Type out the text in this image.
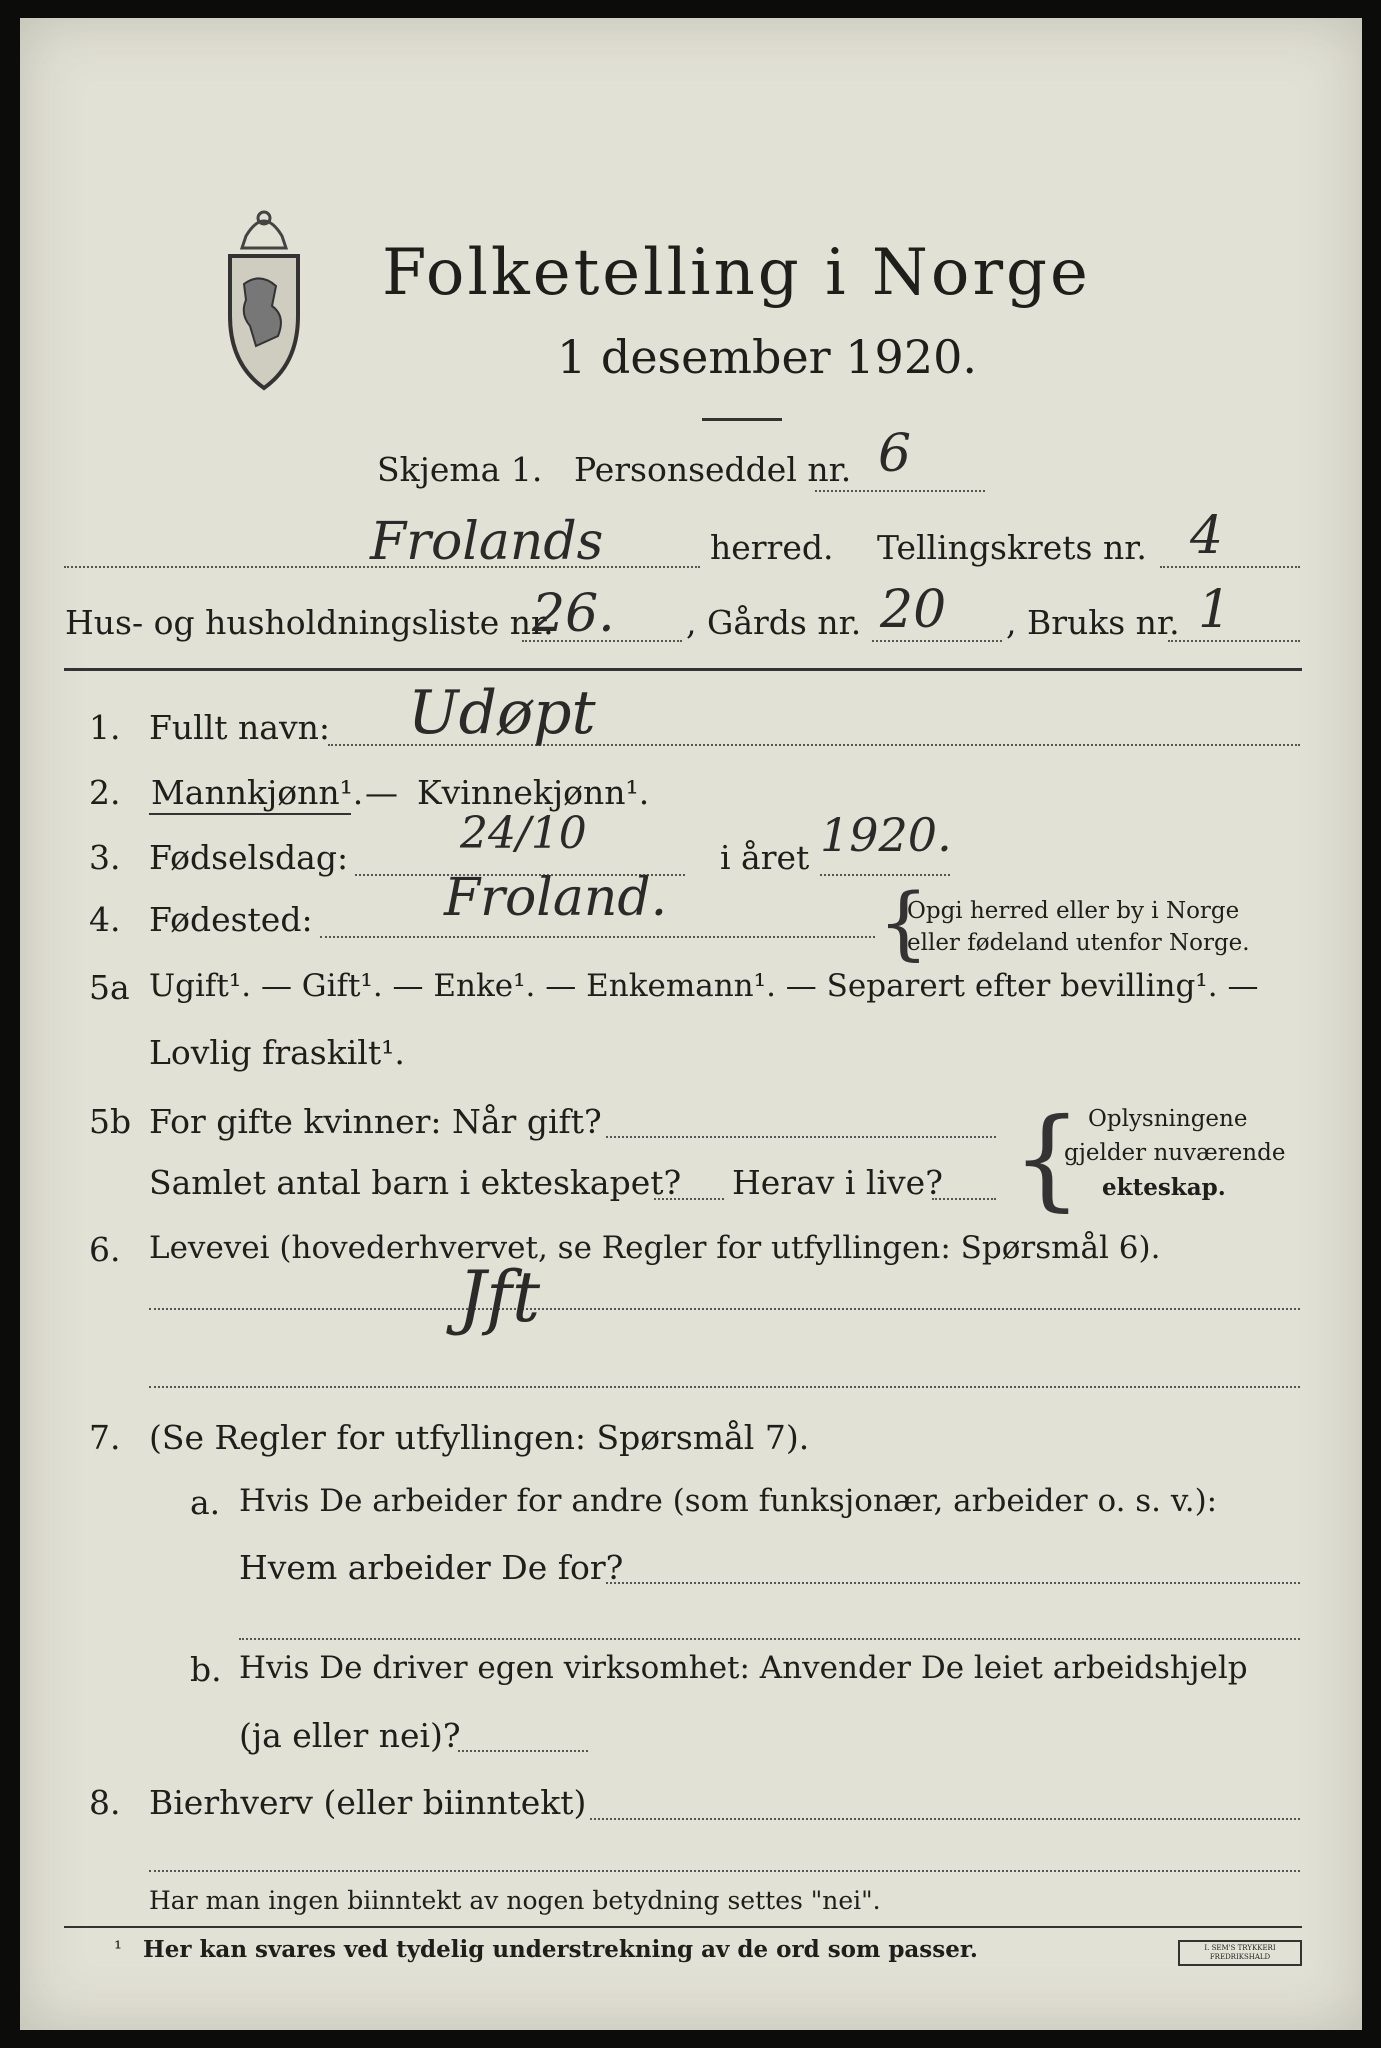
Folketelling i Norge
1 desember 1920.
Skjema 1. Personseddel nr. 6
Frolands	herred. Tellingskrets nr. 4
Hus- og husholdningsliste nr.
26. , Gårds nr. 20 , Bruks nr. 1
1. Fullt navn: Udøpt
2. Mannkjønn¹. — Kvinnekjønn¹.
3. Fødselsdag:	24/10	i året 1920.
4. Fødested:	Froland.	{
Opgi herred eller by i Norge
eller fødeland utenfor Norge.
5a Ugift¹. — Gift¹. — Enke¹. — Enkemann¹. — Separert efter bevilling¹. —
Lovlig fraskilt¹.
5b For gifte kvinner: Når gift?
Samlet antal barn i ekteskapet? Herav i live? { Oplysningene
gjelder nuværende
ekteskap.
6. Levevei (hovederhvervet, se Regler for utfyllingen: Spørsmål 6).
Jft
7. (Se Regler for utfyllingen: Spørsmål 7).
a. Hvis De arbeider for andre (som funksjonær, arbeider o. s. v.):
Hvem arbeider De for?
b. Hvis De driver egen virksomhet: Anvender De leiet arbeidshjelp
(ja eller nei)?
8. Bierhverv (eller biinntekt)
Har man ingen biinntekt av nogen betydning settes "nei".
¹ Her kan svares ved tydelig understrekning av de ord som passer.	I. SEM'S TRYKKERI FREDRIKSHALD
